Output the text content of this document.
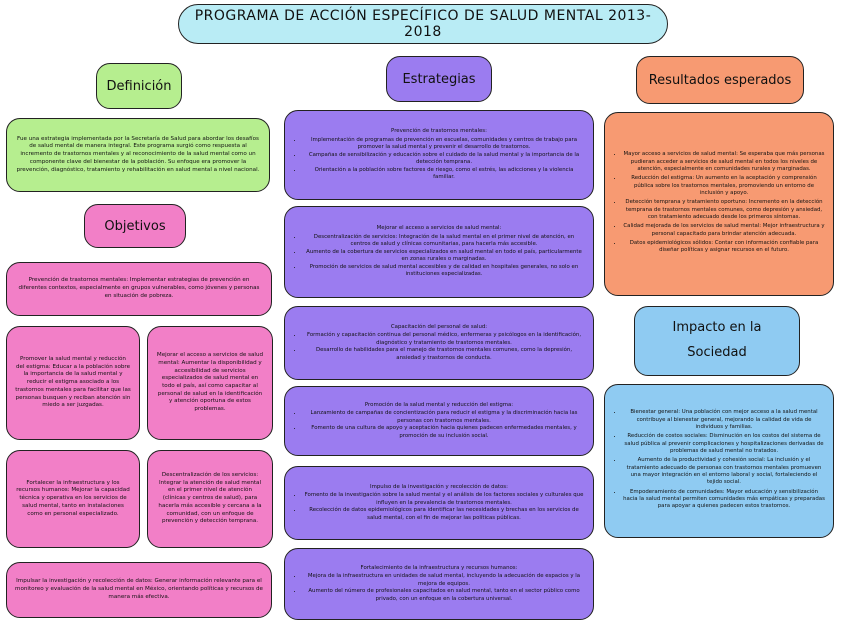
PROGRAMA DE ACCIÓN ESPECÍFICO DE SALUD MENTAL 2013-2018
Definición

Fue una estrategia implementada por la Secretaría de Salud para abordar los desafíos de salud mental de manera integral. Este programa surgió como respuesta al incremento de trastornos mentales y al reconocimiento de la salud mental como un componente clave del bienestar de la población. Su enfoque era promover la prevención, diagnóstico, tratamiento y rehabilitación en salud mental a nivel nacional.

Objetivos

Prevención de trastornos mentales: Implementar estrategias de prevención en diferentes contextos, especialmente en grupos vulnerables, como jóvenes y personas en situación de pobreza.

Promover la salud mental y reducción del estigma: Educar a la población sobre la importancia de la salud mental y reducir el estigma asociado a los trastornos mentales para facilitar que las personas busquen y reciban atención sin miedo a ser juzgadas.

Mejorar el acceso a servicios de salud mental: Aumentar la disponibilidad y accesibilidad de servicios especializados de salud mental en todo el país, así como capacitar al personal de salud en la identificación y atención oportuna de estos problemas.

Fortalecer la infraestructura y los recursos humanos: Mejorar la capacidad técnica y operativa en los servicios de salud mental, tanto en instalaciones como en personal especializado.

Descentralización de los servicios: Integrar la atención de salud mental en el primer nivel de atención (clínicas y centros de salud), para hacerla más accesible y cercana a la comunidad, con un enfoque de prevención y detección temprana.

Impulsar la investigación y recolección de datos: Generar información relevante para el monitoreo y evaluación de la salud mental en México, orientando políticas y recursos de manera más efectiva.

Estrategias
Prevención de trastornos mentales:
• Implementación de programas de prevención en escuelas, comunidades y centros de trabajo para promover la salud mental y prevenir el desarrollo de trastornos.
• Campañas de sensibilización y educación sobre el cuidado de la salud mental y la importancia de la detección temprana.
• Orientación a la población sobre factores de riesgo, como el estrés, las adicciones y la violencia familiar.
Mejorar el acceso a servicios de salud mental:
• Descentralización de servicios: Integración de la salud mental en el primer nivel de atención, en centros de salud y clínicas comunitarias, para hacerla más accesible.
• Aumento de la cobertura de servicios especializados en salud mental en todo el país, particularmente en zonas rurales o marginadas.
• Promoción de servicios de salud mental accesibles y de calidad en hospitales generales, no solo en instituciones especializadas.
Capacitación del personal de salud:
• Formación y capacitación continua del personal médico, enfermeras y psicólogos en la identificación, diagnóstico y tratamiento de trastornos mentales.
• Desarrollo de habilidades para el manejo de trastornos mentales comunes, como la depresión, ansiedad y trastornos de conducta.
Promoción de la salud mental y reducción del estigma:
• Lanzamiento de campañas de concientización para reducir el estigma y la discriminación hacia las personas con trastornos mentales.
• Fomento de una cultura de apoyo y aceptación hacia quienes padecen enfermedades mentales, y promoción de su inclusión social.
Impulso de la investigación y recolección de datos:
• Fomento de la investigación sobre la salud mental y el análisis de los factores sociales y culturales que influyen en la prevalencia de trastornos mentales.
• Recolección de datos epidemiológicos para identificar las necesidades y brechas en los servicios de salud mental, con el fin de mejorar las políticas públicas.
Fortalecimiento de la infraestructura y recursos humanos:
• Mejora de la infraestructura en unidades de salud mental, incluyendo la adecuación de espacios y la mejora de equipos.
• Aumento del número de profesionales capacitados en salud mental, tanto en el sector público como privado, con un enfoque en la cobertura universal.
Resultados esperados
• Mayor acceso a servicios de salud mental: Se esperaba que más personas pudieran acceder a servicios de salud mental en todos los niveles de atención, especialmente en comunidades rurales y marginadas.
• Reducción del estigma: Un aumento en la aceptación y comprensión pública sobre los trastornos mentales, promoviendo un entorno de inclusión y apoyo.
• Detección temprana y tratamiento oportuno: Incremento en la detección temprana de trastornos mentales comunes, como depresión y ansiedad, con tratamiento adecuado desde los primeros síntomas.
• Calidad mejorada de los servicios de salud mental: Mejor infraestructura y personal capacitado para brindar atención adecuada.
• Datos epidemiológicos sólidos: Contar con información confiable para diseñar políticas y asignar recursos en el futuro.
Impacto en la
Sociedad
• Bienestar general: Una población con mejor acceso a la salud mental contribuye al bienestar general, mejorando la calidad de vida de individuos y familias.
• Reducción de costos sociales: Disminución en los costos del sistema de salud pública al prevenir complicaciones y hospitalizaciones derivadas de problemas de salud mental no tratados.
• Aumento de la productividad y cohesión social: La inclusión y el tratamiento adecuado de personas con trastornos mentales promueven una mayor integración en el entorno laboral y social, fortaleciendo el tejido social.
• Empoderamiento de comunidades: Mayor educación y sensibilización hacia la salud mental permiten comunidades más empáticas y preparadas para apoyar a quienes padecen estos trastornos.
